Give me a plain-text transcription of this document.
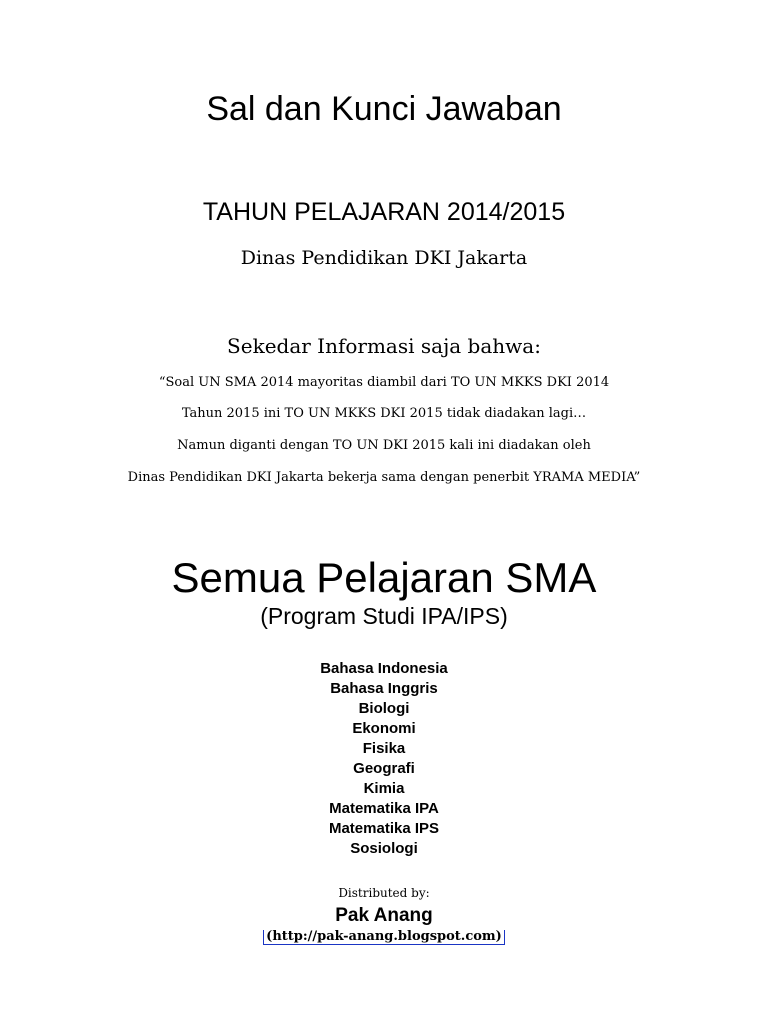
Sal dan Kunci Jawaban
TAHUN PELAJARAN 2014/2015
Dinas Pendidikan DKI Jakarta
Sekedar Informasi saja bahwa:
“Soal UN SMA 2014 mayoritas diambil dari TO UN MKKS DKI 2014
Tahun 2015 ini TO UN MKKS DKI 2015 tidak diadakan lagi…
Namun diganti dengan TO UN DKI 2015 kali ini diadakan oleh
Dinas Pendidikan DKI Jakarta bekerja sama dengan penerbit YRAMA MEDIA”
Semua Pelajaran SMA
(Program Studi IPA/IPS)
Bahasa Indonesia
Bahasa Inggris
Biologi
Ekonomi
Fisika
Geografi
Kimia
Matematika IPA
Matematika IPS
Sosiologi
Distributed by:
Pak Anang
(http://pak-anang.blogspot.com)
